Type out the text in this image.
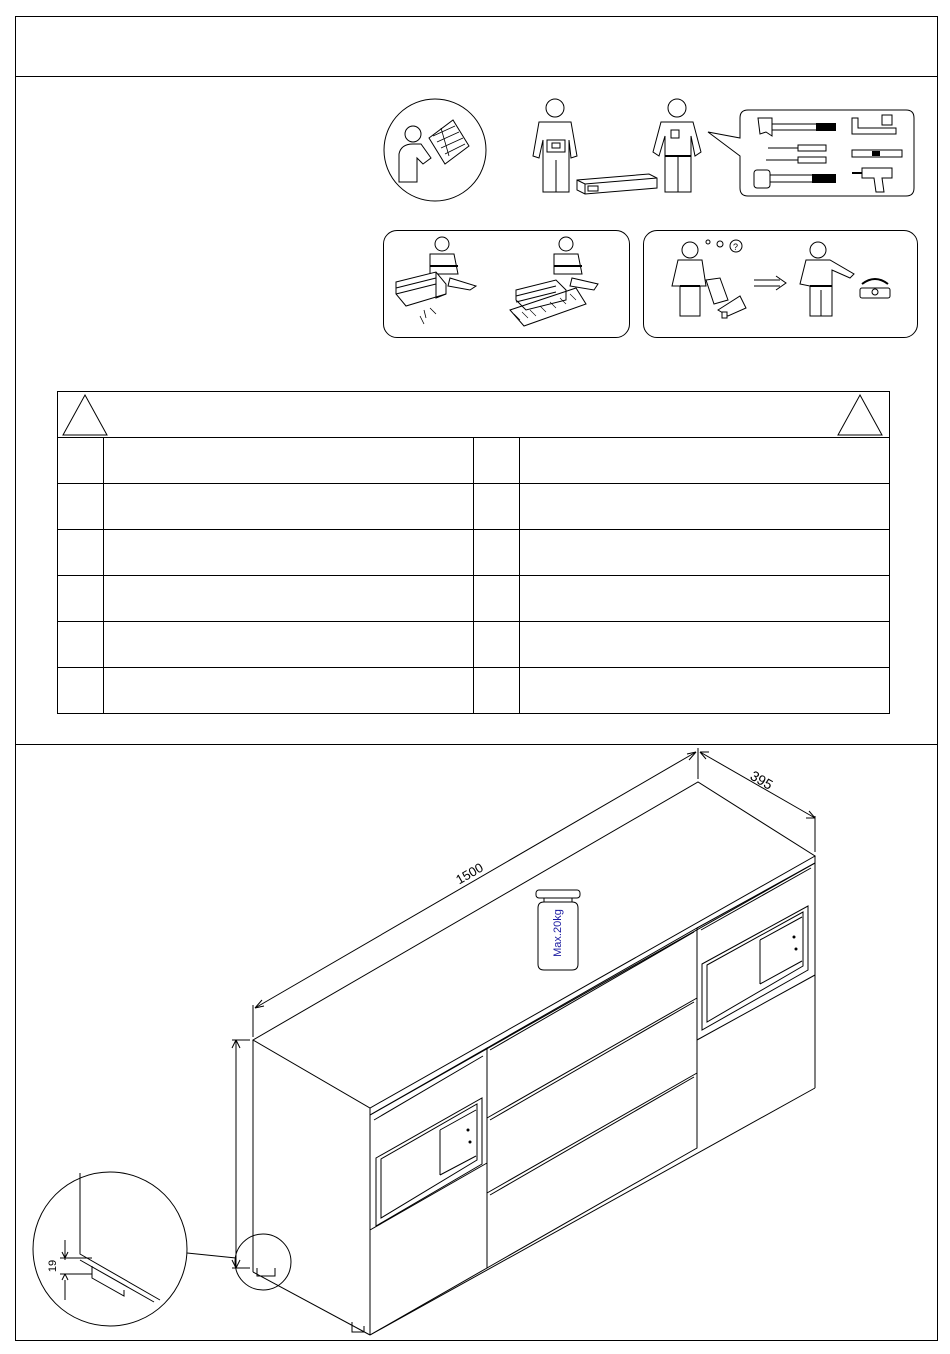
?

Max.20kg
1500
395
19
